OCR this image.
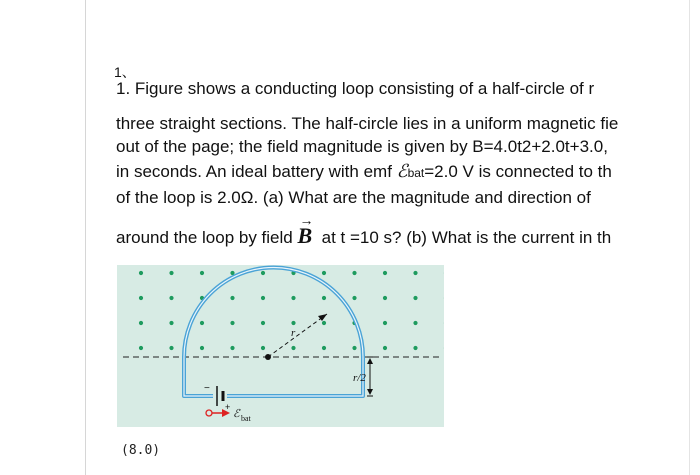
1、
1. Figure shows a conducting loop consisting of a half-circle of r
three straight sections. The half-circle lies in a uniform magnetic fie
out of the page; the field magnitude is given by B=4.0t2+2.0t+3.0,
in seconds. An ideal battery with emf ℰbat=2.0 V is connected to th
of the loop is 2.0Ω. (a) What are the magnitude and direction of
around the loop by field → B at t =10 s? (b) What is the current in th
r
r/2
−
+ ℰ bat
(8.0)
